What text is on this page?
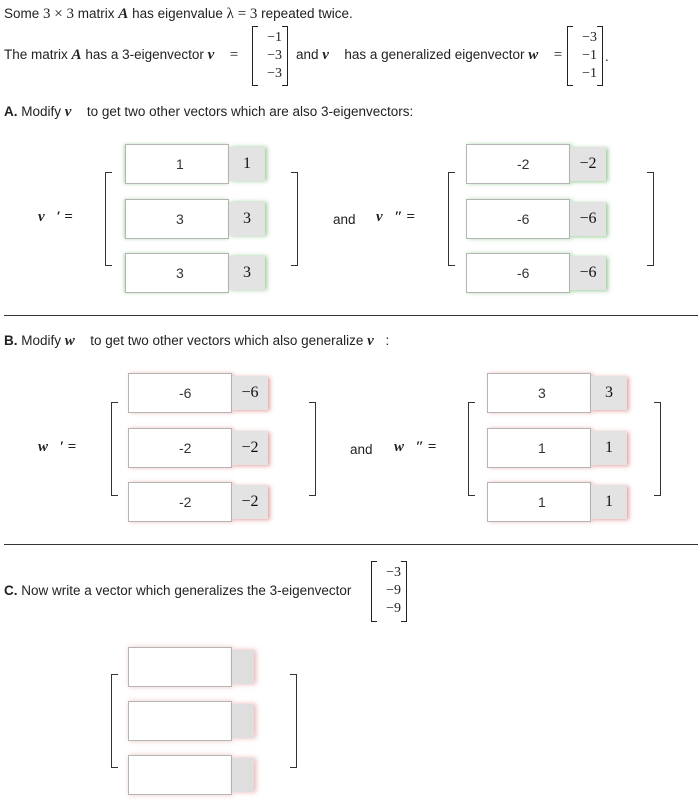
Some 3 × 3 matrix A has eigenvalue λ = 3 repeated twice.
The matrix A has a 3-eigenvector v⃗ =
−1
−3
−3
and v⃗ has a generalized eigenvector w⃗ =
−3
−1
−1
.
A. Modify v⃗ to get two other vectors which are also 3-eigenvectors:
v⃗′ =
1
1
3
3
3
3
and v⃗″ =
-2
−2
-6
−6
-6
−6
B. Modify w⃗ to get two other vectors which also generalize v⃗:
w⃗′ =
-6
−6
-2
−2
-2
−2
and w⃗″ =
3
3
1
1
1
1
C. Now write a vector which generalizes the 3-eigenvector
−3
−9
−9
